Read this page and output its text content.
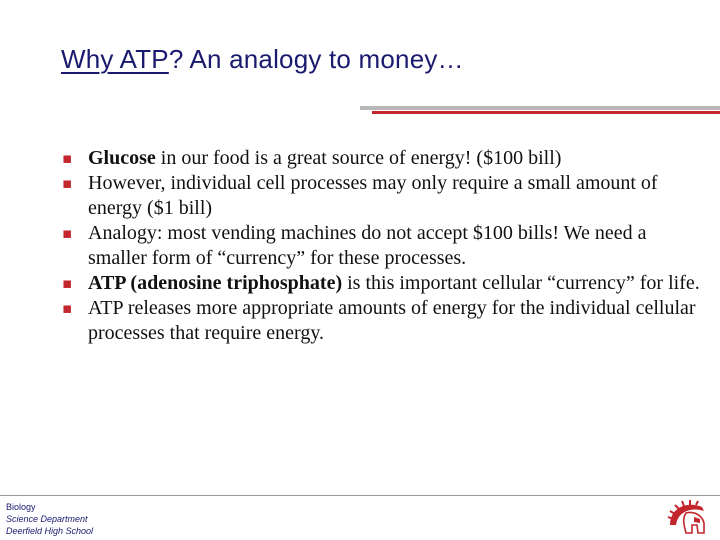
Why ATP? An analogy to money…
▪ Glucose in our food is a great source of energy! ($100 bill)
▪ However, individual cell processes may only require a small amount of energy ($1 bill)
▪ Analogy: most vending machines do not accept $100 bills! We need a smaller form of “currency” for these processes.
▪ ATP (adenosine triphosphate) is this important cellular “currency” for life.
▪ ATP releases more appropriate amounts of energy for the individual cellular processes that require energy.
Biology
Science Department
Deerfield High School
